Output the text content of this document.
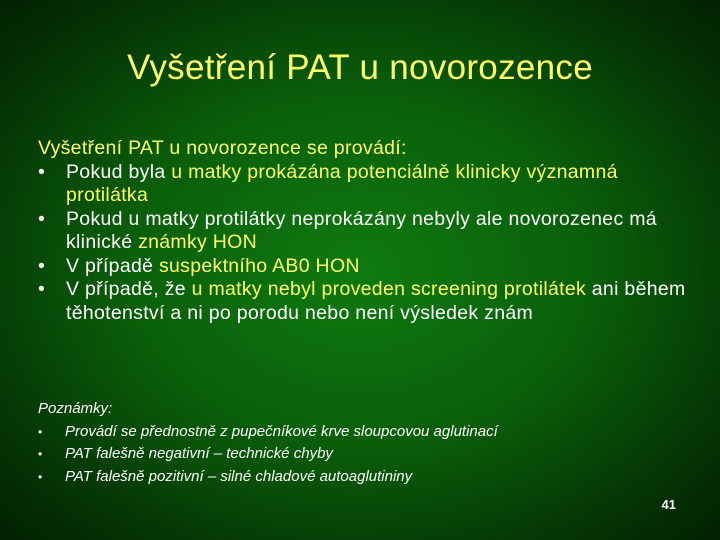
Vyšetření PAT u novorozence
Vyšetření PAT u novorozence se provádí:
• Pokud byla u matky prokázána potenciálně klinicky významná protilátka
• Pokud u matky protilátky neprokázány nebyly ale novorozenec má klinické známky HON
• V případě suspektního AB0 HON
• V případě, že u matky nebyl proveden screening protilátek ani během těhotenství a ni po porodu nebo není výsledek znám
Poznámky:
• Provádí se přednostně z pupečníkové krve sloupcovou aglutinací
• PAT falešně negativní – technické chyby
• PAT falešně pozitivní – silné chladové autoaglutininy
41
